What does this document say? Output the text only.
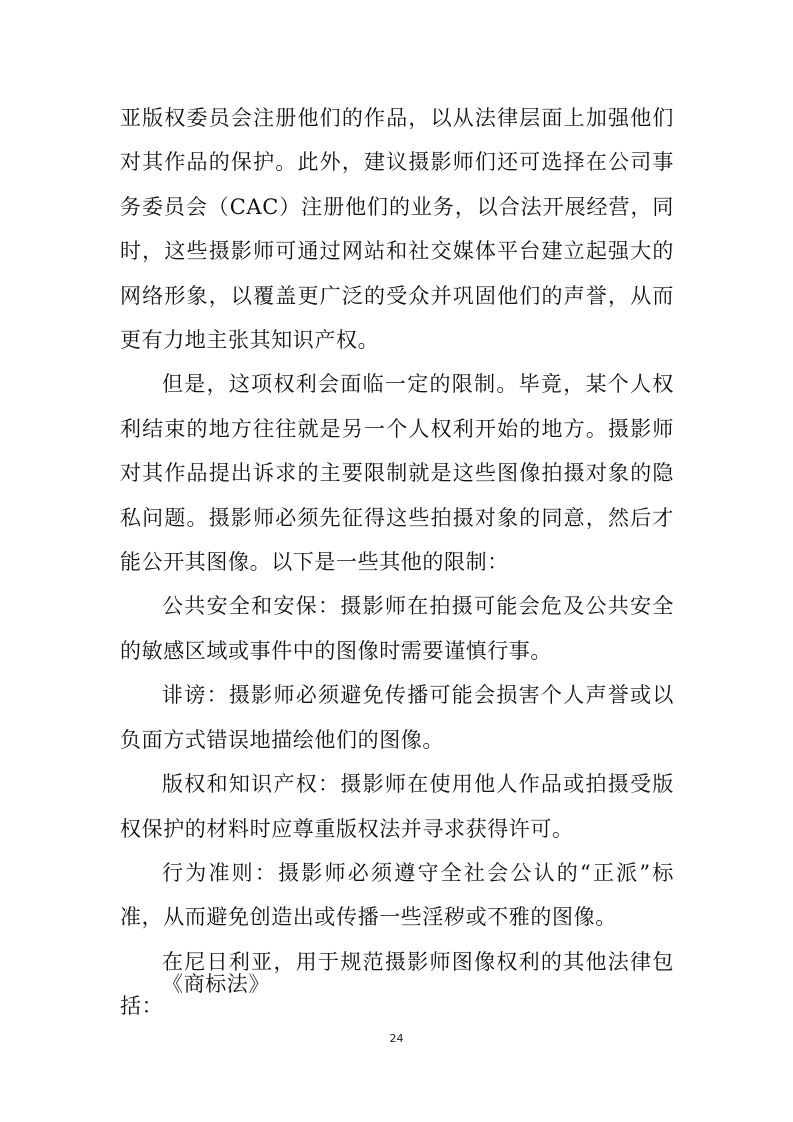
亚版权委员会注册他们的作品，以从法律层面上加强他们对其作品的保护。此外，建议摄影师们还可选择在公司事务委员会（CAC）注册他们的业务，以合法开展经营，同时，这些摄影师可通过网站和社交媒体平台建立起强大的网络形象，以覆盖更广泛的受众并巩固他们的声誉，从而更有力地主张其知识产权。

但是，这项权利会面临一定的限制。毕竟，某个人权利结束的地方往往就是另一个人权利开始的地方。摄影师对其作品提出诉求的主要限制就是这些图像拍摄对象的隐私问题。摄影师必须先征得这些拍摄对象的同意，然后才能公开其图像。以下是一些其他的限制：

公共安全和安保：摄影师在拍摄可能会危及公共安全的敏感区域或事件中的图像时需要谨慎行事。

诽谤：摄影师必须避免传播可能会损害个人声誉或以负面方式错误地描绘他们的图像。

版权和知识产权：摄影师在使用他人作品或拍摄受版权保护的材料时应尊重版权法并寻求获得许可。

行为准则：摄影师必须遵守全社会公认的“正派”标准，从而避免创造出或传播一些淫秽或不雅的图像。

在尼日利亚，用于规范摄影师图像权利的其他法律包括：

《商标法》

24
